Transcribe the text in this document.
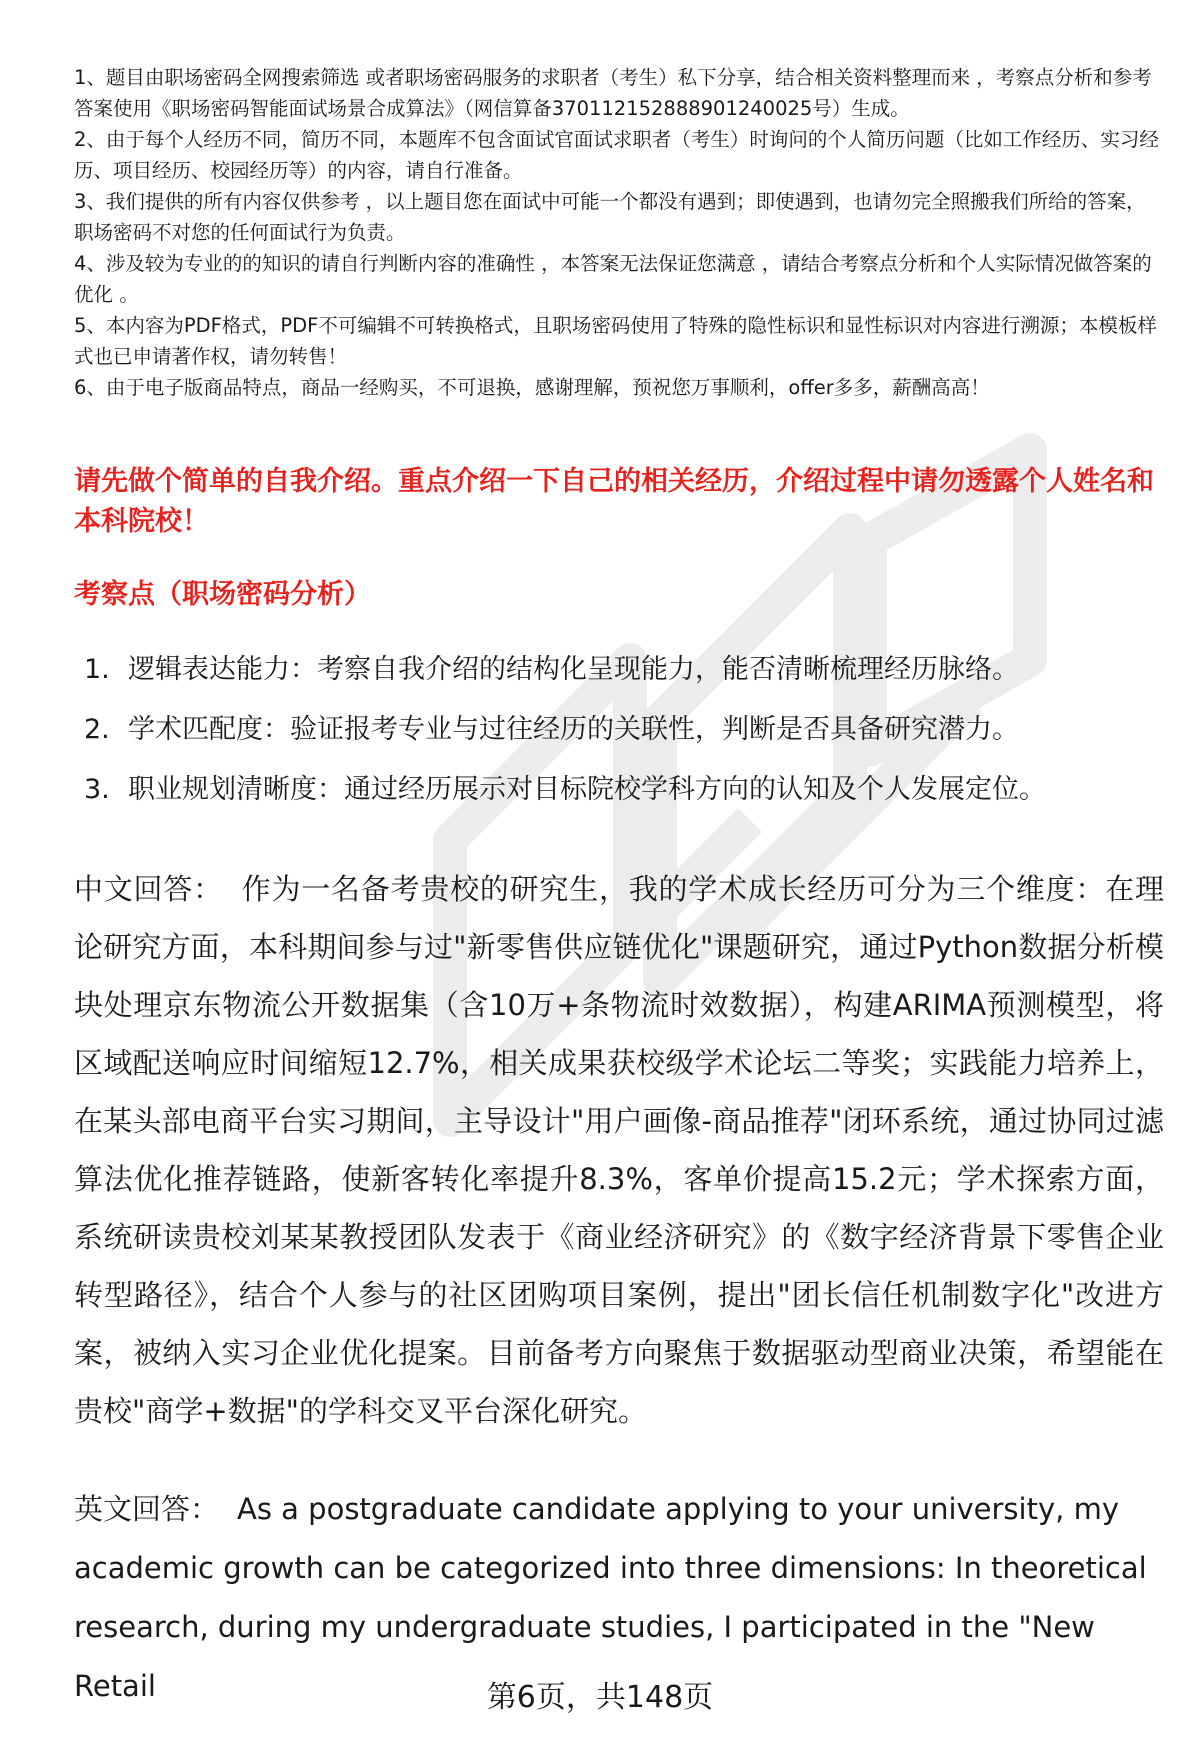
1、题目由职场密码全网搜索筛选 或者职场密码服务的求职者（考生）私下分享，结合相关资料整理而来 ，考察点分析和参考答案使用《职场密码智能面试场景合成算法》（网信算备370112152888901240025号）生成。

2、由于每个人经历不同，简历不同，本题库不包含面试官面试求职者（考生）时询问的个人简历问题（比如工作经历、实习经历、项目经历、校园经历等）的内容，请自行准备。

3、我们提供的所有内容仅供参考 ，以上题目您在面试中可能一个都没有遇到；即使遇到，也请勿完全照搬我们所给的答案，职场密码不对您的任何面试行为负责。

4、涉及较为专业的的知识的请自行判断内容的准确性 ，本答案无法保证您满意 ，请结合考察点分析和个人实际情况做答案的优化 。

5、本内容为PDF格式，PDF不可编辑不可转换格式，且职场密码使用了特殊的隐性标识和显性标识对内容进行溯源；本模板样式也已申请著作权，请勿转售！

6、由于电子版商品特点，商品一经购买，不可退换，感谢理解，预祝您万事顺利，offer多多，薪酬高高！

请先做个简单的自我介绍。重点介绍一下自己的相关经历，介绍过程中请勿透露个人姓名和本科院校！
考察点（职场密码分析）
1. 逻辑表达能力：考察自我介绍的结构化呈现能力，能否清晰梳理经历脉络。
2. 学术匹配度：验证报考专业与过往经历的关联性，判断是否具备研究潜力。
3. 职业规划清晰度：通过经历展示对目标院校学科方向的认知及个人发展定位。

中文回答： 作为一名备考贵校的研究生，我的学术成长经历可分为三个维度：在理论研究方面，本科期间参与过"新零售供应链优化"课题研究，通过Python数据分析模块处理京东物流公开数据集（含10万+条物流时效数据），构建ARIMA预测模型，将区域配送响应时间缩短12.7%，相关成果获校级学术论坛二等奖；实践能力培养上，在某头部电商平台实习期间，主导设计"用户画像-商品推荐"闭环系统，通过协同过滤算法优化推荐链路，使新客转化率提升8.3%，客单价提高15.2元；学术探索方面，系统研读贵校刘某某教授团队发表于《商业经济研究》的《数字经济背景下零售企业转型路径》，结合个人参与的社区团购项目案例，提出"团长信任机制数字化"改进方案，被纳入实习企业优化提案。目前备考方向聚焦于数据驱动型商业决策，希望能在贵校"商学+数据"的学科交叉平台深化研究。

英文回答： As a postgraduate candidate applying to your university, my academic growth can be categorized into three dimensions: In theoretical research, during my undergraduate studies, I participated in the "New Retail	第6页，共148页
